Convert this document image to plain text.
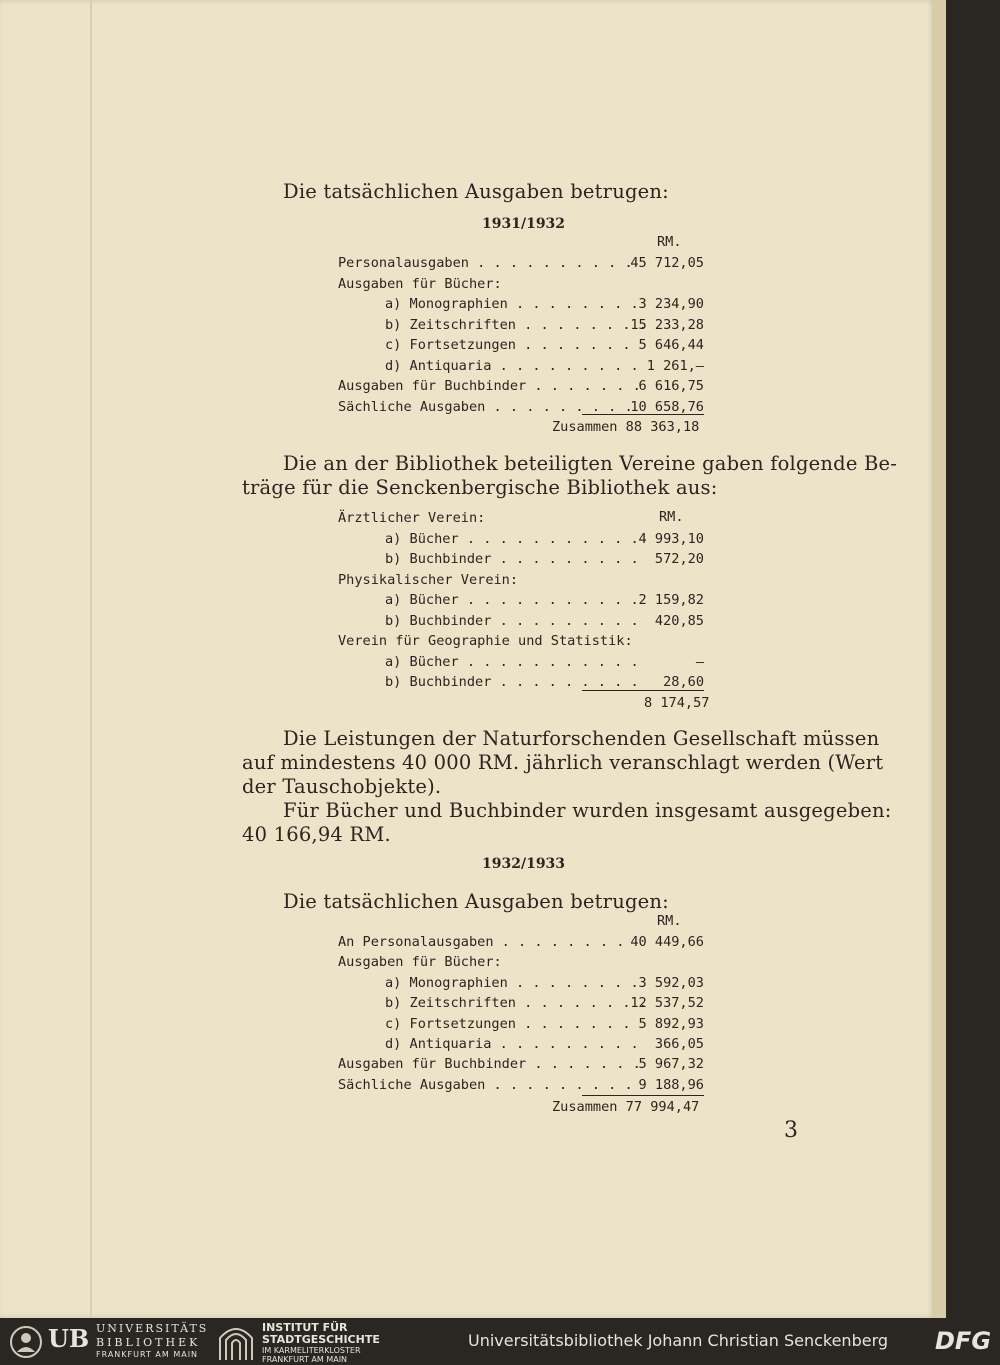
Die tatsächlichen Ausgaben betrugen:
1931/1932
RM.
Personalausgaben . . . . . . . . . .
45 712,05
Ausgaben für Bücher:
a) Monographien . . . . . . . . 3 234,90
b) Zeitschriften . . . . . . . .
15 233,28
c) Fortsetzungen . . . . . . . 5 646,44
d) Antiquaria . . . . . . . . . 1 261,—
Ausgaben für Buchbinder . . . . . . .
6 616,75
Sächliche Ausgaben . . . . . . . . .
10 658,76
Zusammen 88 363,18
Die an der Bibliothek beteiligten Vereine gaben folgende Be-
träge für die Senckenbergische Bibliothek aus:
RM.
Ärztlicher Verein:
a) Bücher . . . . . . . . . . . 4 993,10
b) Buchbinder . . . . . . . . . 572,20
Physikalischer Verein:
a) Bücher . . . . . . . . . . . 2 159,82
b) Buchbinder . . . . . . . . . 420,85
Verein für Geographie und Statistik:
a) Bücher . . . . . . . . . . .	—
b) Buchbinder . . . . . . . . . 28,60
8 174,57
Die Leistungen der Naturforschenden Gesellschaft müssen
auf mindestens 40 000 RM. jährlich veranschlagt werden (Wert
der Tauschobjekte).
Für Bücher und Buchbinder wurden insgesamt ausgegeben:
40 166,94 RM.
1932/1933
Die tatsächlichen Ausgaben betrugen:
RM.
An Personalausgaben . . . . . . . . 40 449,66
Ausgaben für Bücher:
a) Monographien . . . . . . . . 3 592,03
b) Zeitschriften . . . . . . . .
12 537,52
c) Fortsetzungen . . . . . . . 5 892,93
d) Antiquaria . . . . . . . . . 366,05
Ausgaben für Buchbinder . . . . . . .
5 967,32
Sächliche Ausgaben . . . . . . . . . 9 188,96
Zusammen 77 994,47
3
UB UNIVERSITÄTS
BIBLIOTHEK
FRANKFURT AM MAIN
INSTITUT FÜR
STADTGESCHICHTE
IM KARMELITERKLOSTER
FRANKFURT AM MAIN
Universitätsbibliothek Johann Christian Senckenberg DFG
